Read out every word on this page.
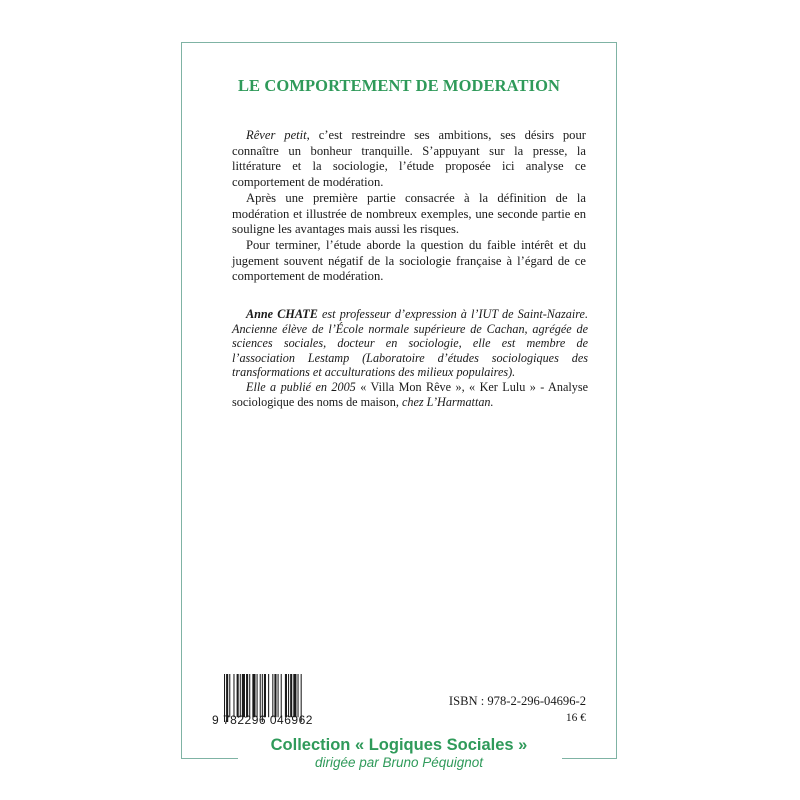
LE COMPORTEMENT DE MODERATION

Rêver petit, c’est restreindre ses ambitions, ses désirs pour connaître un bonheur tranquille. S’appuyant sur la presse, la littérature et la sociologie, l’étude proposée ici analyse ce comportement de modération.

Après une première partie consacrée à la définition de la modération et illustrée de nombreux exemples, une seconde partie en souligne les avantages mais aussi les risques.

Pour terminer, l’étude aborde la question du faible intérêt et du jugement souvent négatif de la sociologie française à l’égard de ce comportement de modération.

Anne CHATE est professeur d’expression à l’IUT de Saint-Nazaire. Ancienne élève de l’École normale supérieure de Cachan, agrégée de sciences sociales, docteur en sociologie, elle est membre de l’association Lestamp (Laboratoire d’études sociologiques des transformations et acculturations des milieux populaires).

Elle a publié en 2005 « Villa Mon Rêve », « Ker Lulu » - Analyse sociologique des noms de maison, chez L’Harmattan.

9 782296 046962
ISBN : 978-2-296-04696-2
16 €
Collection « Logiques Sociales »
dirigée par Bruno Péquignot
